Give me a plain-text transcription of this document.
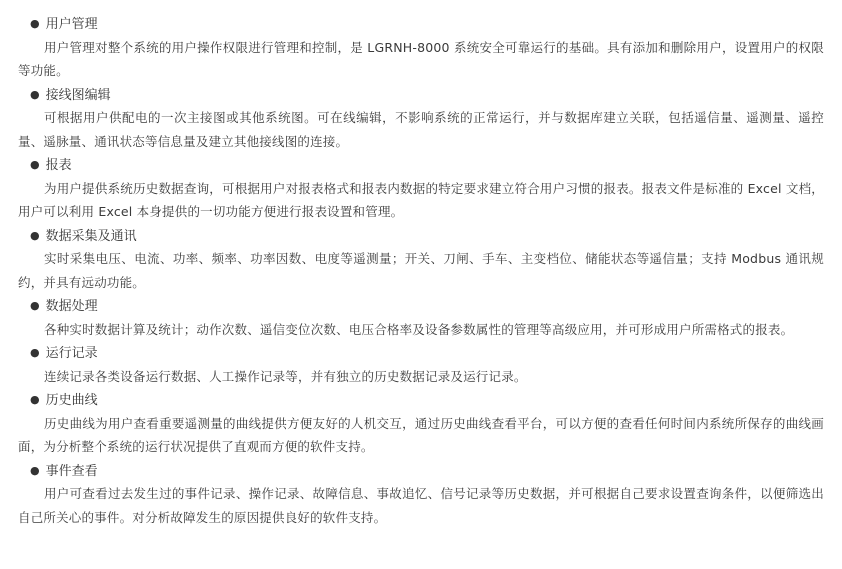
● 用户管理

用户管理对整个系统的用户操作权限进行管理和控制，是 LGRNH-8000 系统安全可靠运行的基础。具有添加和删除用户，设置用户的权限等功能。

● 接线图编辑

可根据用户供配电的一次主接图或其他系统图。可在线编辑，不影响系统的正常运行，并与数据库建立关联，包括遥信量、遥测量、遥控量、遥脉量、通讯状态等信息量及建立其他接线图的连接。

● 报表

为用户提供系统历史数据查询，可根据用户对报表格式和报表内数据的特定要求建立符合用户习惯的报表。报表文件是标准的 Excel 文档，用户可以利用 Excel 本身提供的一切功能方便进行报表设置和管理。

● 数据采集及通讯

实时采集电压、电流、功率、频率、功率因数、电度等遥测量；开关、刀闸、手车、主变档位、储能状态等遥信量；支持 Modbus 通讯规约，并具有远动功能。

● 数据处理

各种实时数据计算及统计；动作次数、遥信变位次数、电压合格率及设备参数属性的管理等高级应用，并可形成用户所需格式的报表。

● 运行记录

连续记录各类设备运行数据、人工操作记录等，并有独立的历史数据记录及运行记录。

● 历史曲线

历史曲线为用户查看重要遥测量的曲线提供方便友好的人机交互，通过历史曲线查看平台，可以方便的查看任何时间内系统所保存的曲线画面，为分析整个系统的运行状况提供了直观而方便的软件支持。

● 事件查看

用户可查看过去发生过的事件记录、操作记录、故障信息、事故追忆、信号记录等历史数据，并可根据自己要求设置查询条件，以便筛选出自己所关心的事件。对分析故障发生的原因提供良好的软件支持。
